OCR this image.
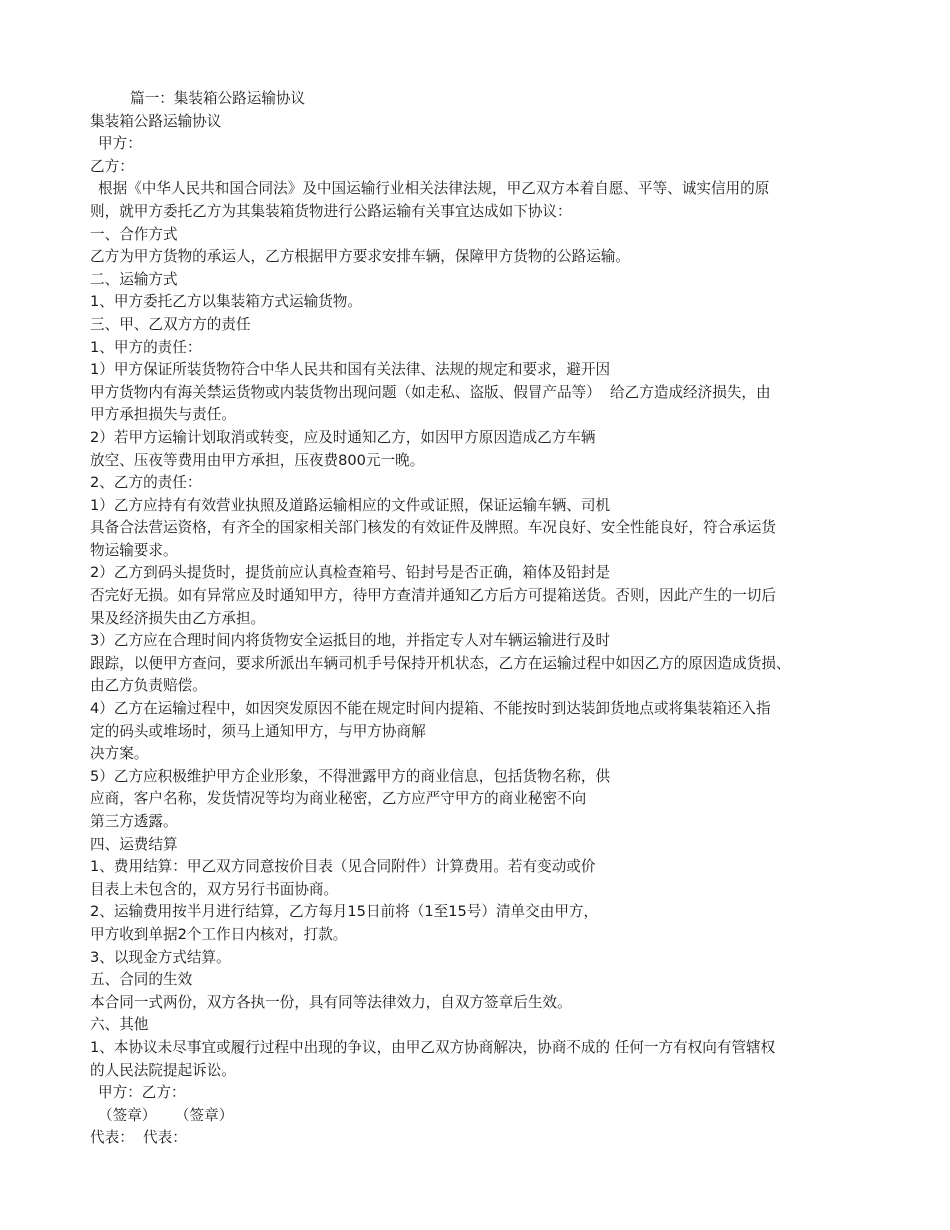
篇一：集装箱公路运输协议
集装箱公路运输协议
甲方：
乙方：
根据《中华人民共和国合同法》及中国运输行业相关法律法规，甲乙双方本着自愿、平等、诚实信用的原
则，就甲方委托乙方为其集装箱货物进行公路运输有关事宜达成如下协议：
一、合作方式
乙方为甲方货物的承运人，乙方根据甲方要求安排车辆，保障甲方货物的公路运输。
二、运输方式
1、甲方委托乙方以集装箱方式运输货物。
三、甲、乙双方方的责任
1、甲方的责任：
1）甲方保证所装货物符合中华人民共和国有关法律、法规的规定和要求，避开因
甲方货物内有海关禁运货物或内装货物出现问题（如走私、盗版、假冒产品等）  给乙方造成经济损失，由
甲方承担损失与责任。
2）若甲方运输计划取消或转变，应及时通知乙方，如因甲方原因造成乙方车辆
放空、压夜等费用由甲方承担，压夜费800元一晚。
2、乙方的责任：
1）乙方应持有有效营业执照及道路运输相应的文件或证照，保证运输车辆、司机
具备合法营运资格，有齐全的国家相关部门核发的有效证件及牌照。车况良好、安全性能良好，符合承运货
物运输要求。
2）乙方到码头提货时，提货前应认真检查箱号、铅封号是否正确，箱体及铅封是
否完好无损。如有异常应及时通知甲方，待甲方查清并通知乙方后方可提箱送货。否则，因此产生的一切后
果及经济损失由乙方承担。
3）乙方应在合理时间内将货物安全运抵目的地，并指定专人对车辆运输进行及时
跟踪，以便甲方查问，要求所派出车辆司机手号保持开机状态，乙方在运输过程中如因乙方的原因造成货损、
由乙方负责赔偿。
4）乙方在运输过程中，如因突发原因不能在规定时间内提箱、不能按时到达装卸货地点或将集装箱还入指
定的码头或堆场时，须马上通知甲方，与甲方协商解
决方案。
5）乙方应积极维护甲方企业形象，不得泄露甲方的商业信息，包括货物名称，供
应商，客户名称，发货情况等均为商业秘密，乙方应严守甲方的商业秘密不向
第三方透露。
四、运费结算
1、费用结算：甲乙双方同意按价目表（见合同附件）计算费用。若有变动或价
目表上未包含的，双方另行书面协商。
2、运输费用按半月进行结算，乙方每月15日前将（1至15号）清单交由甲方，
甲方收到单据2个工作日内核对，打款。
3、以现金方式结算。
五、合同的生效
本合同一式两份，双方各执一份，具有同等法律效力，自双方签章后生效。
六、其他
1、本协议未尽事宜或履行过程中出现的争议，由甲乙双方协商解决，协商不成的 任何一方有权向有管辖权
的人民法院提起诉讼。
甲方：乙方：
（签章）    （签章）
代表：  代表：
